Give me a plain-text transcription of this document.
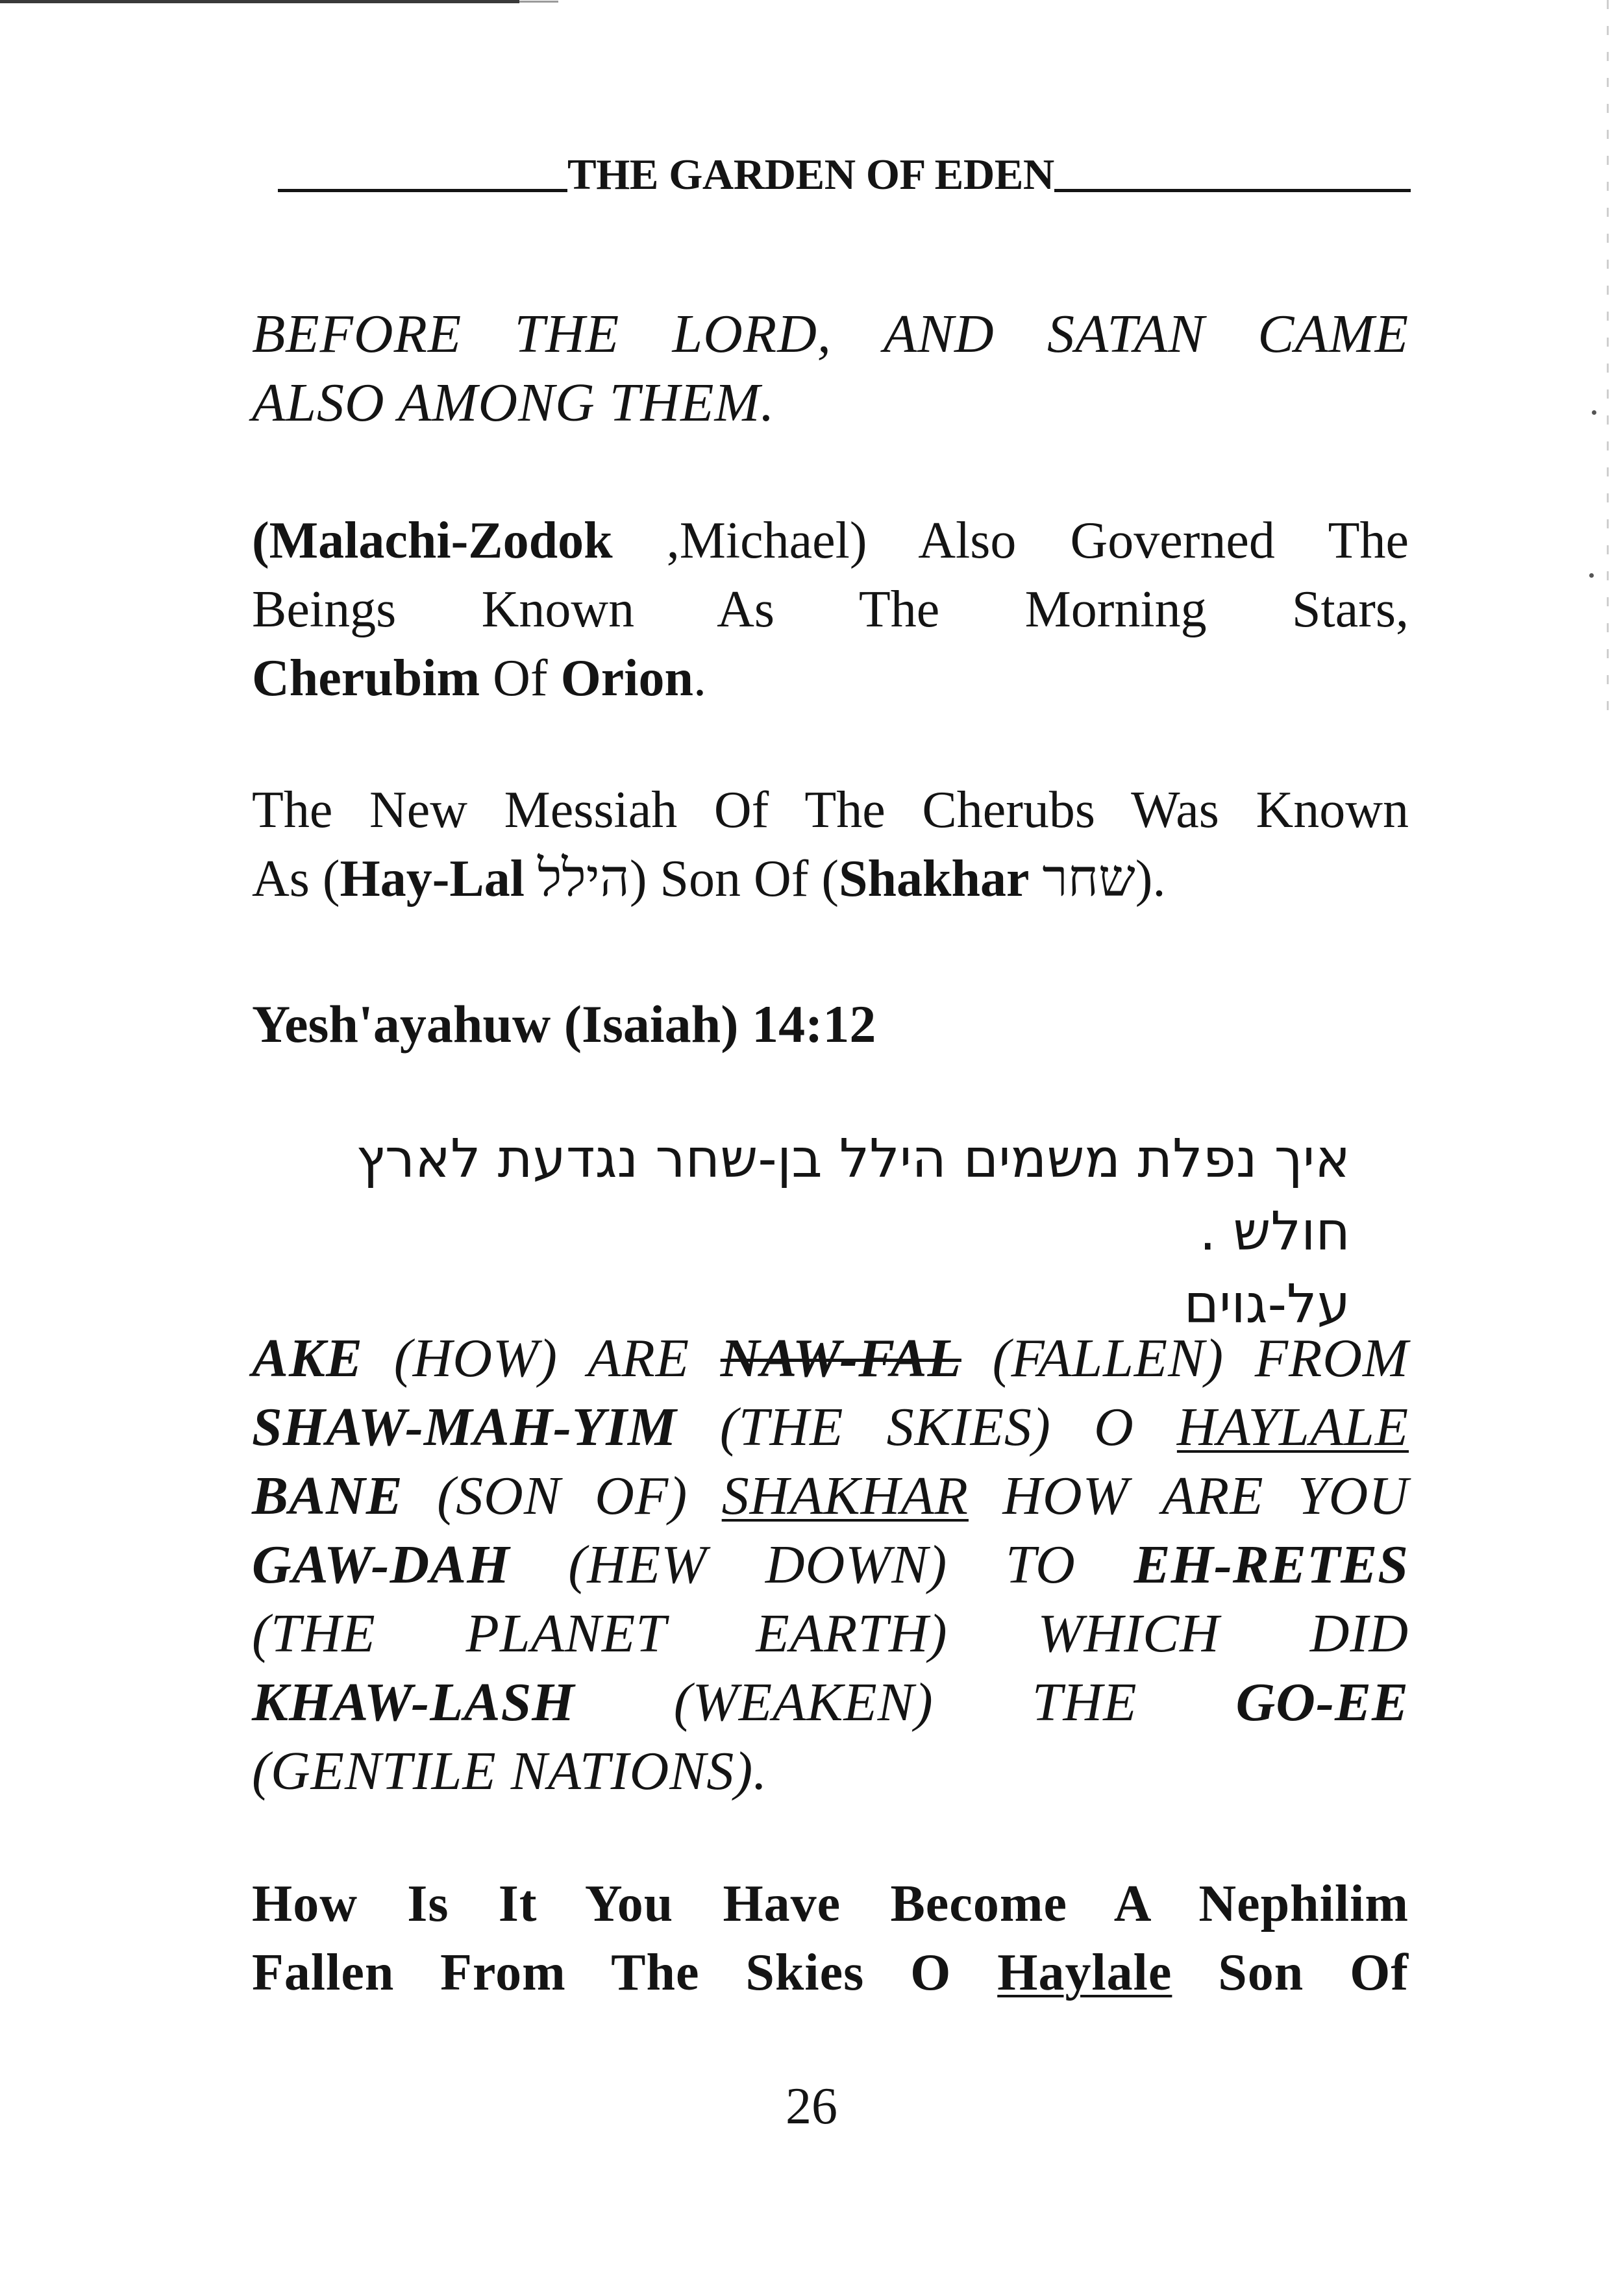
THE GARDEN OF EDEN
BEFORE THE LORD, AND SATAN CAME
ALSO AMONG THEM.
(Malachi-Zodok ,Michael) Also Governed The
Beings Known As The Morning Stars,
Cherubim Of Orion.
The New Messiah Of The Cherubs Was Known
As (Hay-Lal הילל) Son Of (Shakhar שחר).
Yesh'ayahuw (Isaiah) 14:12
איך נפלת משמים הילל בן-שחר נגדעת לארץ חולש .
על-גוים
AKE (HOW) ARE NAW-FAL (FALLEN) FROM
SHAW-MAH-YIM (THE SKIES) O HAYLALE
BANE (SON OF) SHAKHAR HOW ARE YOU
GAW-DAH (HEW DOWN) TO EH-RETES
(THE PLANET EARTH) WHICH DID
KHAW-LASH (WEAKEN) THE GO-EE
(GENTILE NATIONS).
How Is It You Have Become A Nephilim
Fallen From The Skies O Haylale Son Of
26
